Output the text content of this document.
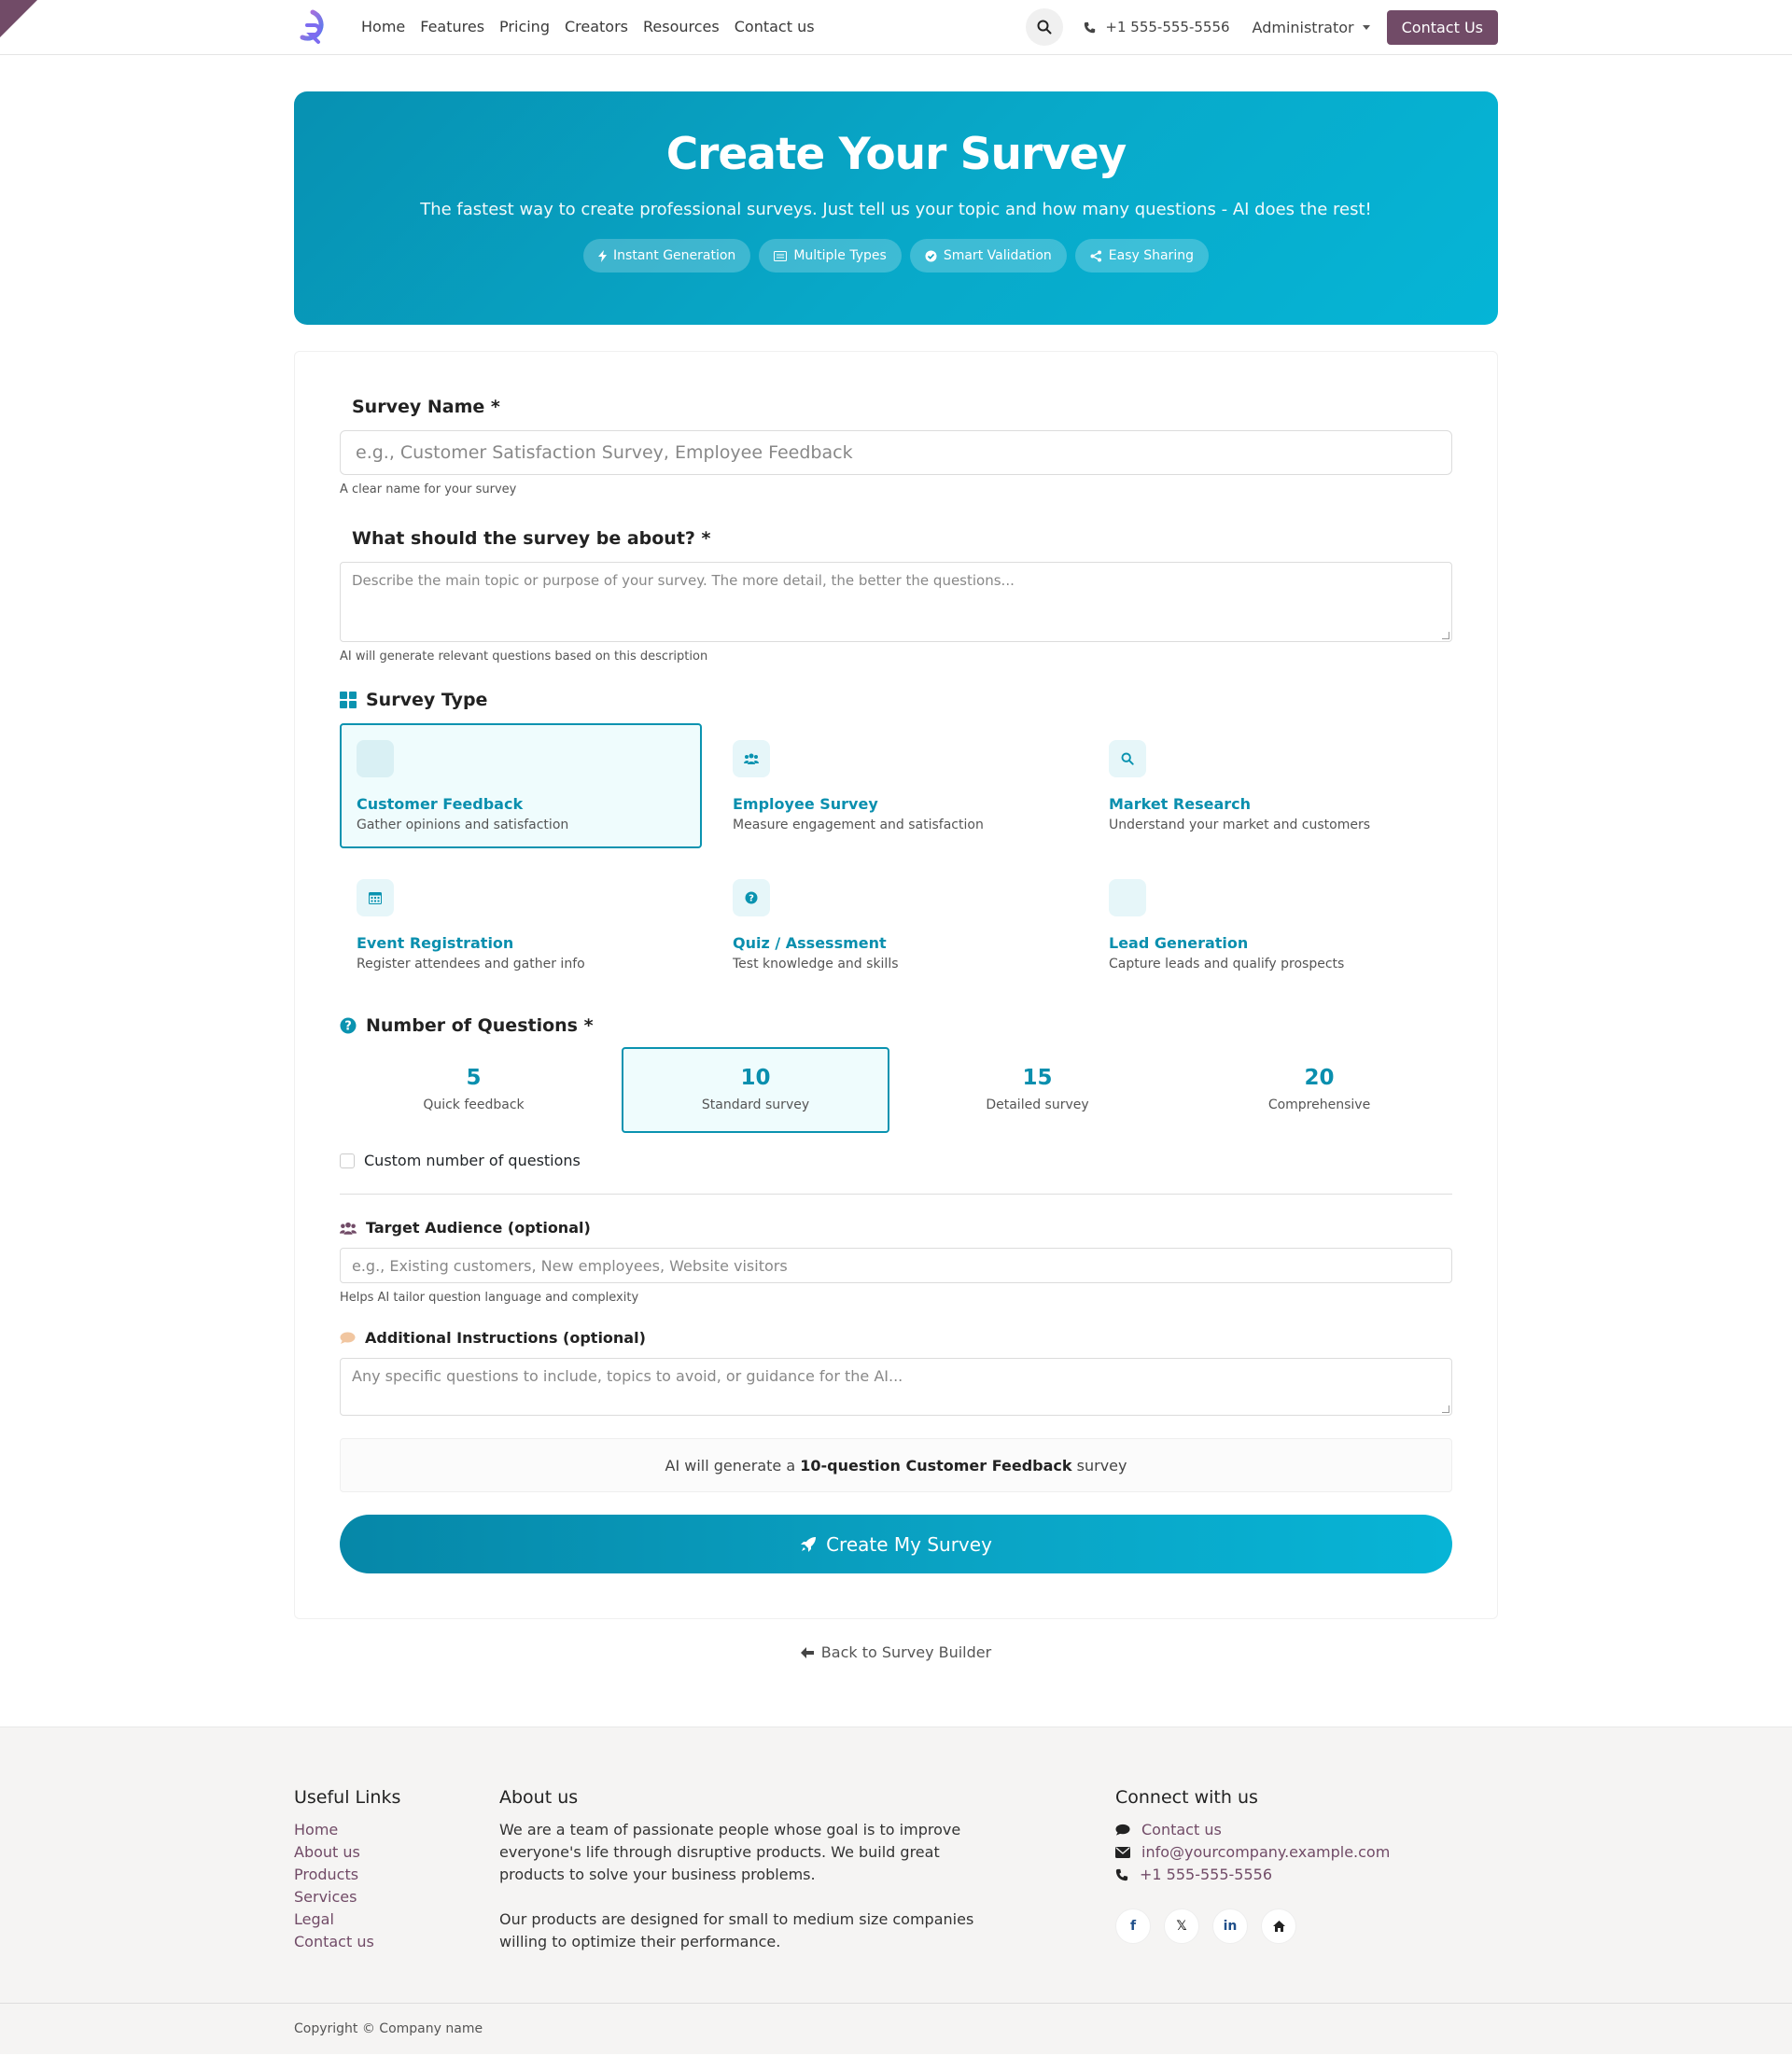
Home	Features	Pricing	Creators	Resources	Contact us	+1 555-555-5556 Administrator	Contact Us
Create Your Survey

The fastest way to create professional surveys. Just tell us your topic and how many questions - AI does the rest!

Instant Generation	Multiple Types	Smart Validation	Easy Sharing
Survey Name *
e.g., Customer Satisfaction Survey, Employee Feedback
A clear name for your survey
What should the survey be about? *
Describe the main topic or purpose of your survey. The more detail, the better the questions...
AI will generate relevant questions based on this description
Survey Type
Customer Feedback
Gather opinions and satisfaction
Employee Survey
Measure engagement and satisfaction
Market Research
Understand your market and customers
Event Registration
Register attendees and gather info
?
Quiz / Assessment
Test knowledge and skills
Lead Generation
Capture leads and qualify prospects
? Number of Questions *
5
Quick feedback
10
Standard survey
15
Detailed survey
20
Comprehensive
Custom number of questions
Target Audience (optional)
e.g., Existing customers, New employees, Website visitors
Helps AI tailor question language and complexity
Additional Instructions (optional)
Any specific questions to include, topics to avoid, or guidance for the AI...
AI will generate a
10-question Customer Feedback
survey
Create My Survey
Back to Survey Builder
Useful Links
Home
About us
Products
Services
Legal
Contact us
About us

We are a team of passionate people whose goal is to improve everyone's life through disruptive products. We build great products to solve your business problems.

Our products are designed for small to medium size companies willing to optimize their performance.

Connect with us
Contact us
info@yourcompany.example.com
+1 555-555-5556
f	𝕏	in
Copyright © Company name
